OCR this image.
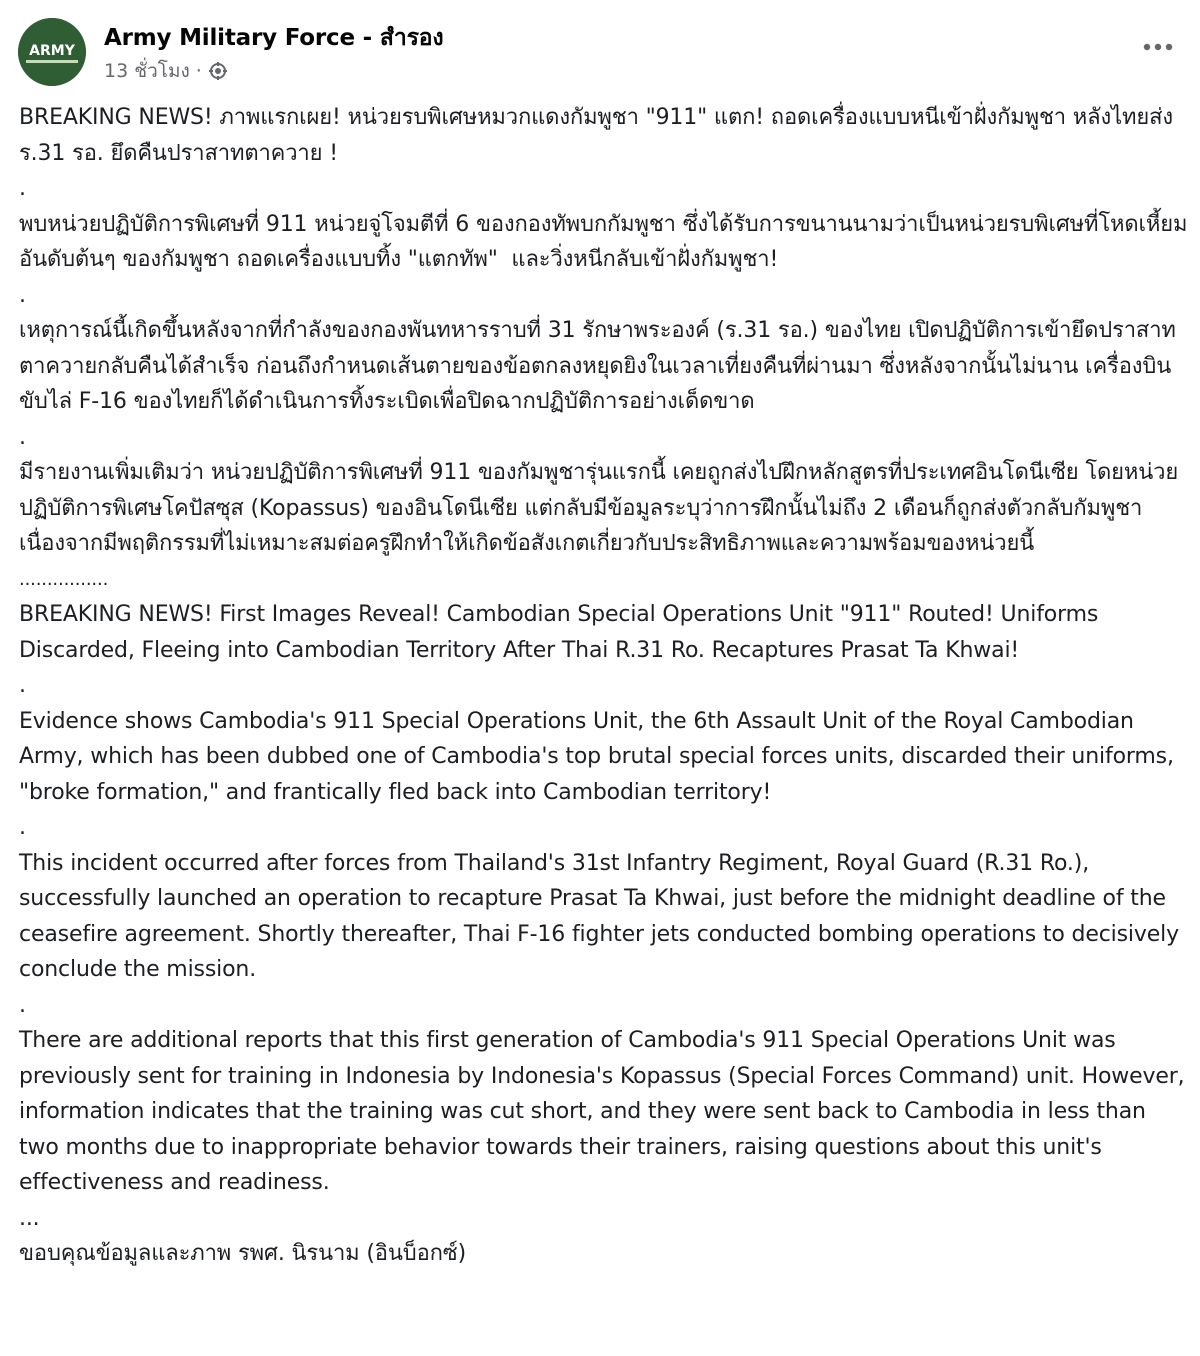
ARMY Army Military Force - สำรอง
13 ชั่วโมง ·

BREAKING NEWS! ภาพแรกเผย! หน่วยรบพิเศษหมวกแดงกัมพูชา "911" แตก! ถอดเครื่องแบบหนีเข้าฝั่งกัมพูชา หลังไทยส่ง ร.31 รอ. ยึดคืนปราสาทตาควาย !

.

พบหน่วยปฏิบัติการพิเศษที่ 911 หน่วยจู่โจมตีที่ 6 ของกองทัพบกกัมพูชา ซึ่งได้รับการขนานนามว่าเป็นหน่วยรบพิเศษที่โหดเหี้ยมอันดับต้นๆ ของกัมพูชา ถอดเครื่องแบบทิ้ง "แตกทัพ"  และวิ่งหนีกลับเข้าฝั่งกัมพูชา!

.

เหตุการณ์นี้เกิดขึ้นหลังจากที่กำลังของกองพันทหารราบที่ 31 รักษาพระองค์ (ร.31 รอ.) ของไทย เปิดปฏิบัติการเข้ายึดปราสาทตาควายกลับคืนได้สำเร็จ ก่อนถึงกำหนดเส้นตายของข้อตกลงหยุดยิงในเวลาเที่ยงคืนที่ผ่านมา ซึ่งหลังจากนั้นไม่นาน เครื่องบินขับไล่ F-16 ของไทยก็ได้ดำเนินการทิ้งระเบิดเพื่อปิดฉากปฏิบัติการอย่างเด็ดขาด

.

มีรายงานเพิ่มเติมว่า หน่วยปฏิบัติการพิเศษที่ 911 ของกัมพูชารุ่นแรกนี้ เคยถูกส่งไปฝึกหลักสูตรที่ประเทศอินโดนีเซีย โดยหน่วยปฏิบัติการพิเศษโคปัสซุส (Kopassus) ของอินโดนีเซีย แต่กลับมีข้อมูลระบุว่าการฝึกนั้นไม่ถึง 2 เดือนก็ถูกส่งตัวกลับกัมพูชา เนื่องจากมีพฤติกรรมที่ไม่เหมาะสมต่อครูฝึกทำให้เกิดข้อสังเกตเกี่ยวกับประสิทธิภาพและความพร้อมของหน่วยนี้

................

BREAKING NEWS! First Images Reveal! Cambodian Special Operations Unit "911" Routed! Uniforms Discarded, Fleeing into Cambodian Territory After Thai R.31 Ro. Recaptures Prasat Ta Khwai!

.

Evidence shows Cambodia's 911 Special Operations Unit, the 6th Assault Unit of the Royal Cambodian Army, which has been dubbed one of Cambodia's top brutal special forces units, discarded their uniforms, "broke formation," and frantically fled back into Cambodian territory!

.

This incident occurred after forces from Thailand's 31st Infantry Regiment, Royal Guard (R.31 Ro.), successfully launched an operation to recapture Prasat Ta Khwai, just before the midnight deadline of the ceasefire agreement. Shortly thereafter, Thai F-16 fighter jets conducted bombing operations to decisively conclude the mission.

.

There are additional reports that this first generation of Cambodia's 911 Special Operations Unit was previously sent for training in Indonesia by Indonesia's Kopassus (Special Forces Command) unit. However, information indicates that the training was cut short, and they were sent back to Cambodia in less than two months due to inappropriate behavior towards their trainers, raising questions about this unit's effectiveness and readiness.

...

ขอบคุณข้อมูลและภาพ รพศ. นิรนาม (อินบ็อกซ์)
